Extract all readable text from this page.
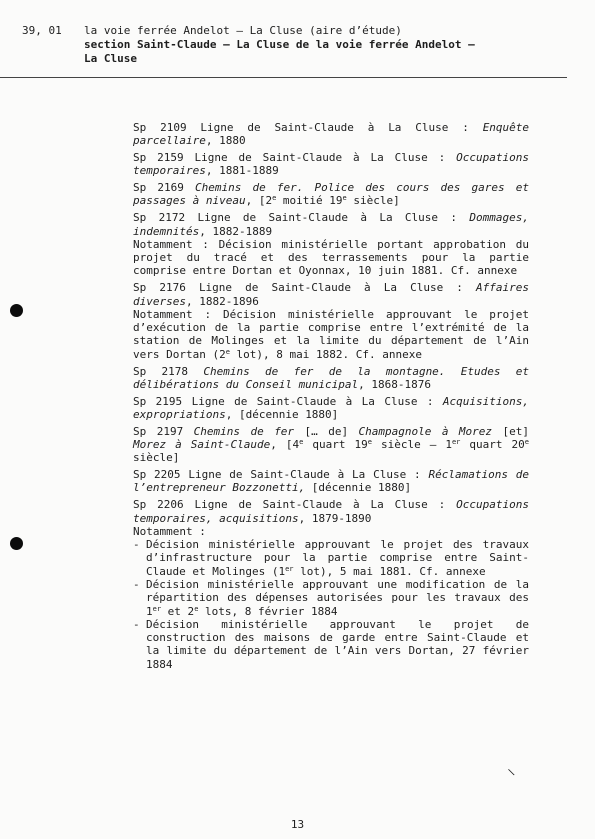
39, 01 la voie ferrée Andelot – La Cluse (aire d’étude)
section Saint-Claude – La Cluse de la voie ferrée Andelot –
La Cluse
Sp 2109 Ligne de Saint-Claude à La Cluse : Enquête parcellaire, 1880
Sp 2159 Ligne de Saint-Claude à La Cluse : Occupations temporaires, 1881-1889
Sp 2169 Chemins de fer. Police des cours des gares et passages à niveau, [2e moitié 19e siècle]
Sp 2172 Ligne de Saint-Claude à La Cluse : Dommages, indemnités, 1882-1889
Notamment : Décision ministérielle portant approbation du projet du tracé et des terrassements pour la partie comprise entre Dortan et Oyonnax, 10 juin 1881. Cf. annexe
Sp 2176 Ligne de Saint-Claude à La Cluse : Affaires diverses, 1882-1896
Notamment : Décision ministérielle approuvant le projet d’exécution de la partie comprise entre l’extrémité de la station de Molinges et la limite du département de l’Ain vers Dortan (2e lot), 8 mai 1882. Cf. annexe
Sp 2178 Chemins de fer de la montagne. Etudes et délibérations du Conseil municipal, 1868-1876
Sp 2195 Ligne de Saint-Claude à La Cluse : Acquisitions, expropriations, [décennie 1880]
Sp 2197 Chemins de fer [… de] Champagnole à Morez [et] Morez à Saint-Claude, [4e quart 19e siècle – 1er quart 20e siècle]
Sp 2205 Ligne de Saint-Claude à La Cluse : Réclamations de l’entrepreneur Bozzonetti, [décennie 1880]
Sp 2206 Ligne de Saint-Claude à La Cluse : Occupations temporaires, acquisitions, 1879-1890
Notamment :
- Décision ministérielle approuvant le projet des travaux d’infrastructure pour la partie comprise entre Saint-Claude et Molinges (1er lot), 5 mai 1881. Cf. annexe
- Décision ministérielle approuvant une modification de la répartition des dépenses autorisées pour les travaux des 1er et 2e lots, 8 février 1884
- Décision ministérielle approuvant le projet de construction des maisons de garde entre Saint-Claude et la limite du département de l’Ain vers Dortan, 27 février 1884
\
13
